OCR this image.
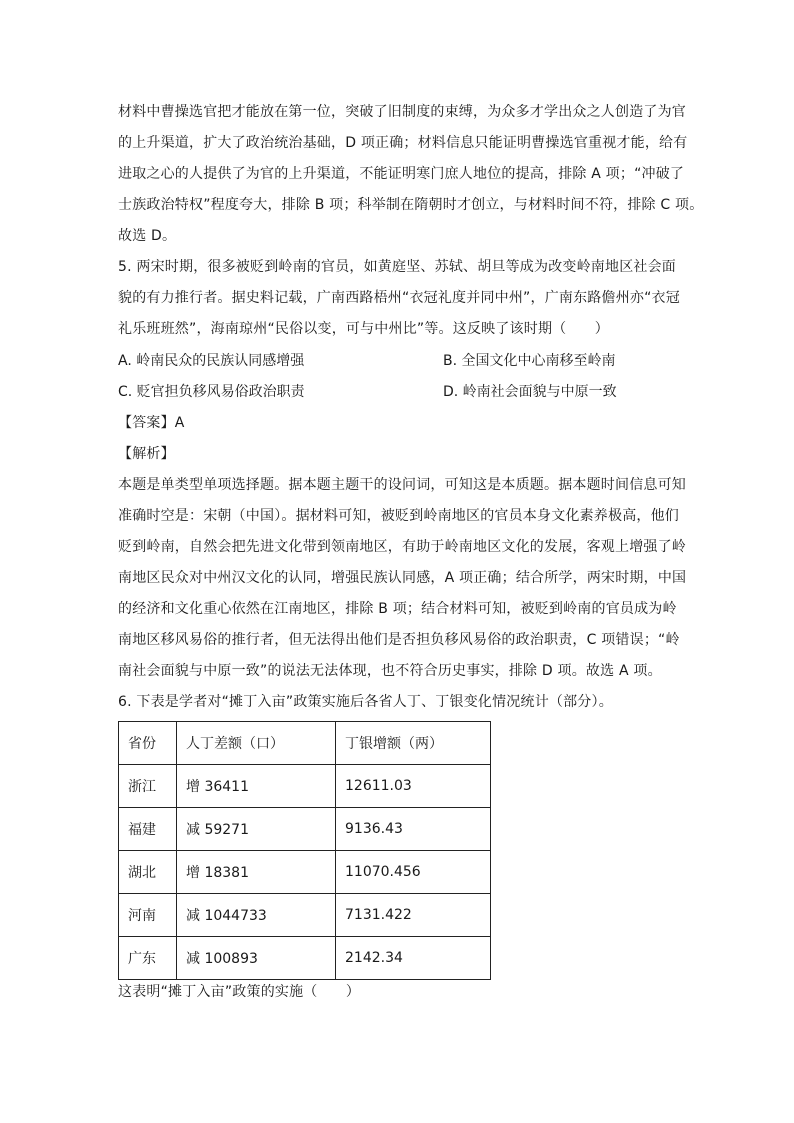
材料中曹操选官把才能放在第一位，突破了旧制度的束缚，为众多才学出众之人创造了为官
的上升渠道，扩大了政治统治基础，D 项正确；材料信息只能证明曹操选官重视才能，给有
进取之心的人提供了为官的上升渠道，不能证明寒门庶人地位的提高，排除 A 项；“冲破了
士族政治特权”程度夸大，排除 B 项；科举制在隋朝时才创立，与材料时间不符，排除 C 项。
故选 D。
5. 两宋时期，很多被贬到岭南的官员，如黄庭坚、苏轼、胡旦等成为改变岭南地区社会面
貌的有力推行者。据史料记载，广南西路梧州“衣冠礼度并同中州”，广南东路儋州亦“衣冠
礼乐班班然”，海南琼州“民俗以变，可与中州比”等。这反映了该时期（　　）
A. 岭南民众的民族认同感增强	B. 全国文化中心南移至岭南
C. 贬官担负移风易俗政治职责	D. 岭南社会面貌与中原一致
【答案】A
【解析】
本题是单类型单项选择题。据本题主题干的设问词，可知这是本质题。据本题时间信息可知
准确时空是：宋朝（中国）。据材料可知，被贬到岭南地区的官员本身文化素养极高，他们
贬到岭南，自然会把先进文化带到领南地区，有助于岭南地区文化的发展，客观上增强了岭
南地区民众对中州汉文化的认同，增强民族认同感，A 项正确；结合所学，两宋时期，中国
的经济和文化重心依然在江南地区，排除 B 项；结合材料可知，被贬到岭南的官员成为岭
南地区移风易俗的推行者，但无法得出他们是否担负移风易俗的政治职责，C 项错误；“岭
南社会面貌与中原一致”的说法无法体现，也不符合历史事实，排除 D 项。故选 A 项。
6. 下表是学者对“摊丁入亩”政策实施后各省人丁、丁银变化情况统计（部分）。
省份	人丁差额（口）	丁银增额（两）
浙江	增 36411	12611.03
福建	减 59271	9136.43
湖北	增 18381	11070.456
河南	减 1044733	7131.422
广东	减 100893	2142.34
这表明“摊丁入亩”政策的实施（　　）
